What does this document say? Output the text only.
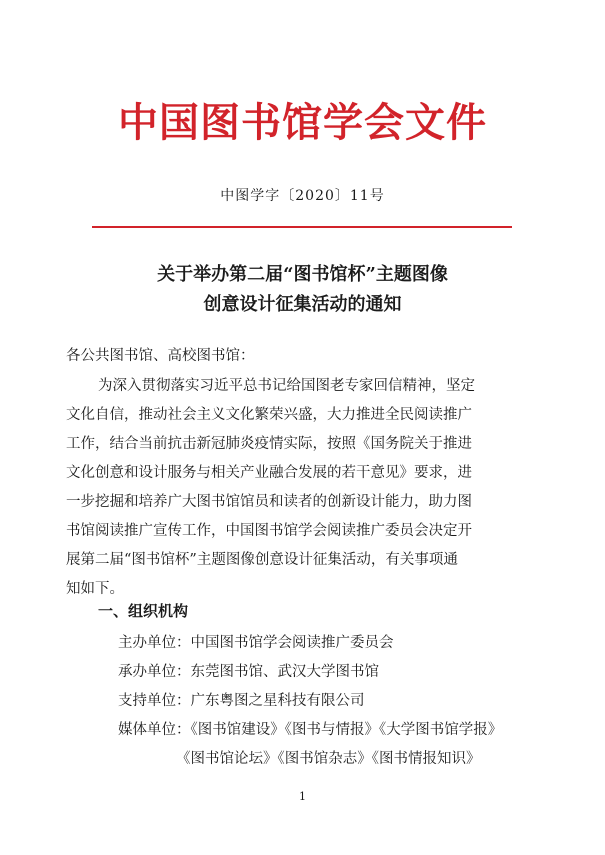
中国图书馆学会文件
中图学字〔2020〕11号
关于举办第二届“图书馆杯”主题图像
创意设计征集活动的通知
各公共图书馆、高校图书馆：
为深入贯彻落实习近平总书记给国图老专家回信精神，坚定
文化自信，推动社会主义文化繁荣兴盛，大力推进全民阅读推广
工作，结合当前抗击新冠肺炎疫情实际，按照《国务院关于推进
文化创意和设计服务与相关产业融合发展的若干意见》要求，进
一步挖掘和培养广大图书馆馆员和读者的创新设计能力，助力图
书馆阅读推广宣传工作，中国图书馆学会阅读推广委员会决定开
展第二届“图书馆杯”主题图像创意设计征集活动，有关事项通
知如下。
一、组织机构
主办单位：中国图书馆学会阅读推广委员会
承办单位：东莞图书馆、武汉大学图书馆
支持单位：广东粤图之星科技有限公司
媒体单位：《图书馆建设》《图书与情报》《大学图书馆学报》
《图书馆论坛》《图书馆杂志》《图书情报知识》
1
